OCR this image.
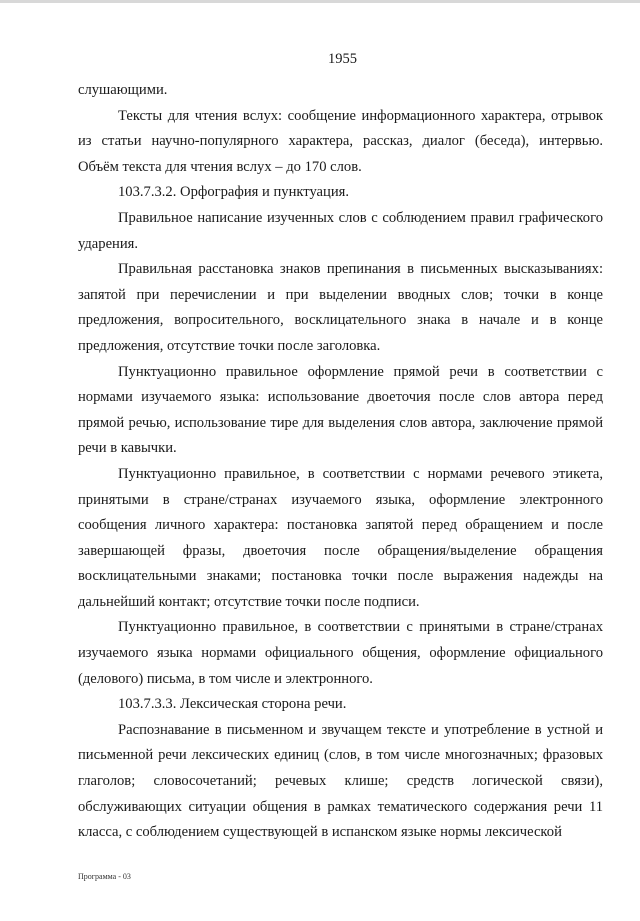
1955

слушающими.

Тексты для чтения вслух: сообщение информационного характера, отрывок из статьи научно-популярного характера, рассказ, диалог (беседа), интервью. Объём текста для чтения вслух – до 170 слов.

103.7.3.2. Орфография и пунктуация.

Правильное написание изученных слов с соблюдением правил графического ударения.

Правильная расстановка знаков препинания в письменных высказываниях: запятой при перечислении и при выделении вводных слов; точки в конце предложения, вопросительного, восклицательного знака в начале и в конце предложения, отсутствие точки после заголовка.

Пунктуационно правильное оформление прямой речи в соответствии с нормами изучаемого языка: использование двоеточия после слов автора перед прямой речью, использование тире для выделения слов автора, заключение прямой речи в кавычки.

Пунктуационно правильное, в соответствии с нормами речевого этикета, принятыми в стране/странах изучаемого языка, оформление электронного сообщения личного характера: постановка запятой перед обращением и после завершающей фразы, двоеточия после обращения/выделение обращения восклицательными знаками; постановка точки после выражения надежды на дальнейший контакт; отсутствие точки после подписи.

Пунктуационно правильное, в соответствии с принятыми в стране/странах изучаемого языка нормами официального общения, оформление официального (делового) письма, в том числе и электронного.

103.7.3.3. Лексическая сторона речи.

Распознавание в письменном и звучащем тексте и употребление в устной и письменной речи лексических единиц (слов, в том числе многозначных; фразовых глаголов; словосочетаний; речевых клише; средств логической связи), обслуживающих ситуации общения в рамках тематического содержания речи 11 класса, с соблюдением существующей в испанском языке нормы лексической

Программа - 03
